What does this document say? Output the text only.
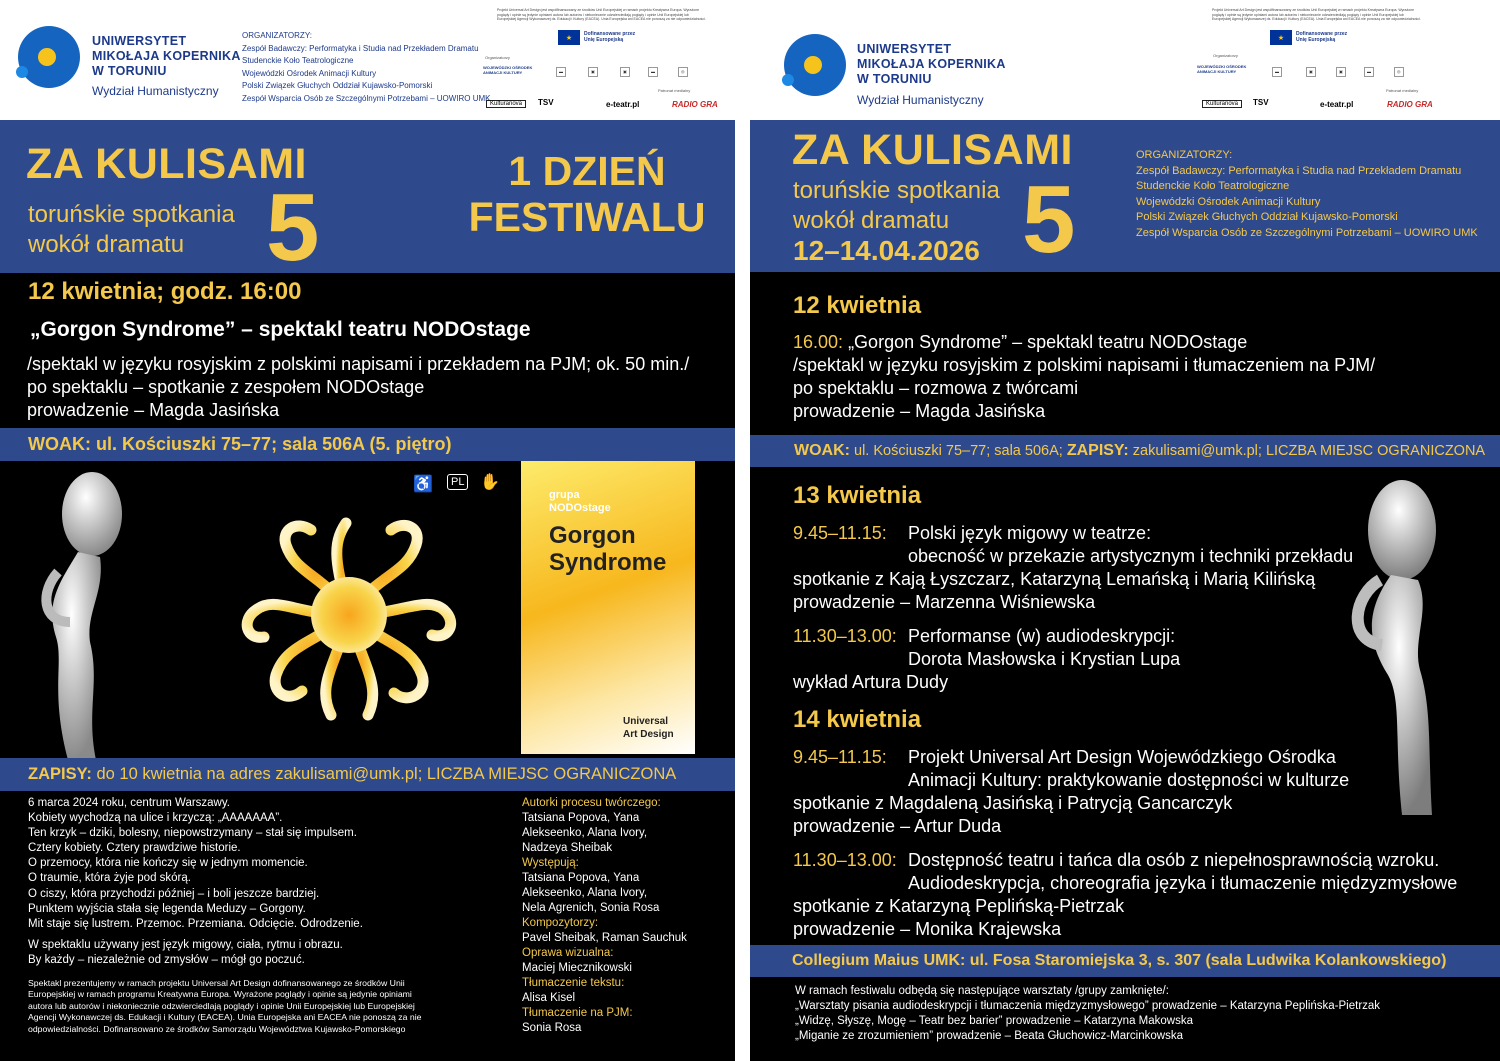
UNIWERSYTET
MIKOŁAJA KOPERNIKA
W TORUNIU
Wydział Humanistyczny
ORGANIZATORZY:
Zespół Badawczy: Performatyka i Studia nad Przekładem Dramatu
Studenckie Koło Teatrologiczne
Wojewódzki Ośrodek Animacji Kultury
Polski Związek Głuchych Oddział Kujawsko-Pomorski
Zespół Wsparcia Osób ze Szczególnymi Potrzebami – UOWIRO UMK
Projekt Universal Art Design jest współfinansowany ze środków Unii Europejskiej w ramach projektu Kreatywna Europa. Wyrażone poglądy i opinie są jedynie opiniami autora lub autorów i niekoniecznie odzwierciedlają poglądy i opinie Unii Europejskiej lub Europejskiej Agencji Wykonawczej ds. Edukacji i Kultury (EACEA). Unia Europejska ani EACEA nie ponoszą za nie odpowiedzialności.
★
Dofinansowane przez Unię Europejską
Organizatorzy
WOJEWÓDZKI OŚRODEK ANIMACJI KULTURY	▬	▣	▣	▬	◎
Patronat medialny
Kulturanova	TSV	e-teatr.pl	RADIO GRA
ZA KULISAMI
toruńskie spotkania
wokół dramatu 5
1 DZIEŃ
FESTIWALU
12 kwietnia; godz. 16:00
„Gorgon Syndrome” – spektakl teatru NODOstage
/spektakl w języku rosyjskim z polskimi napisami i przekładem na PJM; ok. 50 min./
po spektaklu – spotkanie z zespołem NODOstage
prowadzenie – Magda Jasińska
WOAK: ul. Kościuszki 75–77; sala 506A (5. piętro)
♿	PL ✋
grupa
NODOstage
Gorgon
Syndrome
Universal
Art Design
ZAPISY: do 10 kwietnia na adres zakulisami@umk.pl; LICZBA MIEJSC OGRANICZONA
6 marca 2024 roku, centrum Warszawy.
Kobiety wychodzą na ulice i krzyczą: „AAAAAAA”.
Ten krzyk – dziki, bolesny, niepowstrzymany – stał się impulsem.
Cztery kobiety. Cztery prawdziwe historie.
O przemocy, która nie kończy się w jednym momencie.
O traumie, która żyje pod skórą.
O ciszy, która przychodzi później – i boli jeszcze bardziej.
Punktem wyjścia stała się legenda Meduzy – Gorgony.
Mit staje się lustrem. Przemoc. Przemiana. Odcięcie. Odrodzenie.
W spektaklu używany jest język migowy, ciała, rytmu i obrazu.
By każdy – niezależnie od zmysłów – mógł go poczuć.
Spektakl prezentujemy w ramach projektu Universal Art Design dofinansowanego ze środków Unii
Europejskiej w ramach programu Kreatywna Europa. Wyrażone poglądy i opinie są jedynie opiniami
autora lub autorów i niekoniecznie odzwierciedlają poglądy i opinie Unii Europejskiej lub Europejskiej
Agencji Wykonawczej ds. Edukacji i Kultury (EACEA). Unia Europejska ani EACEA nie ponoszą za nie
odpowiedzialności. Dofinansowano ze środków Samorządu Województwa Kujawsko-Pomorskiego
Autorki procesu twórczego:
Tatsiana Popova, Yana
Alekseenko, Alana Ivory,
Nadzeya Sheibak
Występują:
Tatsiana Popova, Yana
Alekseenko, Alana Ivory,
Nela Agrenich, Sonia Rosa
Kompozytorzy:
Pavel Sheibak, Raman Sauchuk
Oprawa wizualna:
Maciej Miecznikowski
Tłumaczenie tekstu:
Alisa Kisel
Tłumaczenie na PJM:
Sonia Rosa
UNIWERSYTET
MIKOŁAJA KOPERNIKA
W TORUNIU
Wydział Humanistyczny
Projekt Universal Art Design jest współfinansowany ze środków Unii Europejskiej w ramach projektu Kreatywna Europa. Wyrażone poglądy i opinie są jedynie opiniami autora lub autorów i niekoniecznie odzwierciedlają poglądy i opinie Unii Europejskiej lub Europejskiej Agencji Wykonawczej ds. Edukacji i Kultury (EACEA). Unia Europejska ani EACEA nie ponoszą za nie odpowiedzialności.
★
Dofinansowane przez Unię Europejską
Organizatorzy
WOJEWÓDZKI OŚRODEK ANIMACJI KULTURY	▬	▣	▣	▬	◎
Patronat medialny
Kulturanova	TSV	e-teatr.pl	RADIO GRA
ZA KULISAMI
toruńskie spotkania
wokół dramatu
12–14.04.2026 5
ORGANIZATORZY:
Zespół Badawczy: Performatyka i Studia nad Przekładem Dramatu
Studenckie Koło Teatrologiczne
Wojewódzki Ośrodek Animacji Kultury
Polski Związek Głuchych Oddział Kujawsko-Pomorski
Zespół Wsparcia Osób ze Szczególnymi Potrzebami – UOWIRO UMK
12 kwietnia
16.00: „Gorgon Syndrome” – spektakl teatru NODOstage
/spektakl w języku rosyjskim z polskimi napisami i tłumaczeniem na PJM/
po spektaklu – rozmowa z twórcami
prowadzenie – Magda Jasińska
WOAK: ul. Kościuszki 75–77; sala 506A; ZAPISY: zakulisami@umk.pl; LICZBA MIEJSC OGRANICZONA
13 kwietnia
9.45–11.15: Polski język migowy w teatrze:
obecność w przekazie artystycznym i techniki przekładu
spotkanie z Kają Łyszczarz, Katarzyną Lemańską i Marią Kilińską
prowadzenie – Marzenna Wiśniewska
11.30–13.00: Performanse (w) audiodeskrypcji:
Dorota Masłowska i Krystian Lupa
wykład Artura Dudy
14 kwietnia
9.45–11.15: Projekt Universal Art Design Wojewódzkiego Ośrodka
Animacji Kultury: praktykowanie dostępności w kulturze
spotkanie z Magdaleną Jasińską i Patrycją Gancarczyk
prowadzenie – Artur Duda
11.30–13.00: Dostępność teatru i tańca dla osób z niepełnosprawnością wzroku.
Audiodeskrypcja, choreografia języka i tłumaczenie międzyzmysłowe
spotkanie z Katarzyną Peplińską-Pietrzak
prowadzenie – Monika Krajewska
Collegium Maius UMK: ul. Fosa Staromiejska 3, s. 307 (sala Ludwika Kolankowskiego)
W ramach festiwalu odbędą się następujące warsztaty /grupy zamknięte/:
„Warsztaty pisania audiodeskrypcji i tłumaczenia międzyzmysłowego” prowadzenie – Katarzyna Peplińska-Pietrzak
„Widzę, Słyszę, Mogę – Teatr bez barier” prowadzenie – Katarzyna Makowska
„Miganie ze zrozumieniem” prowadzenie – Beata Głuchowicz-Marcinkowska
